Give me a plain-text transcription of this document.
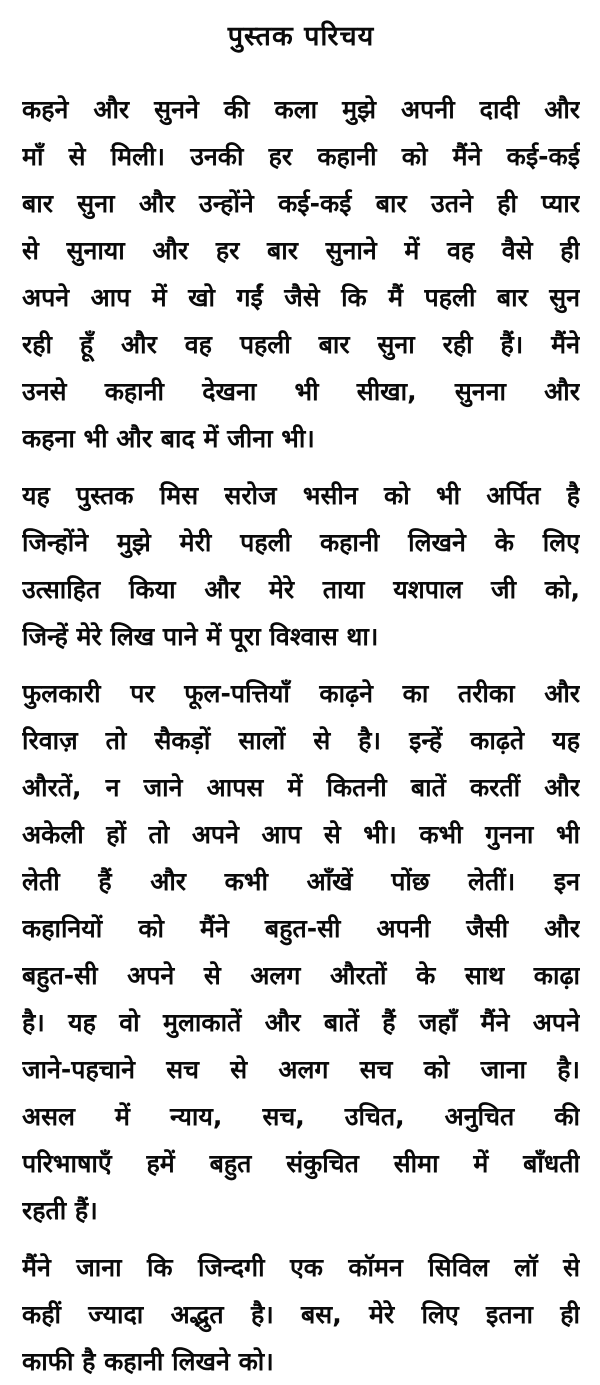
पुस्तक परिचय
कहने और सुनने की कला मुझे अपनी दादी और
माँ से मिली। उनकी हर कहानी को मैंने कई-कई
बार सुना और उन्होंने कई-कई बार उतने ही प्यार
से सुनाया और हर बार सुनाने में वह वैसे ही
अपने आप में खो गईं जैसे कि मैं पहली बार सुन
रही हूँ और वह पहली बार सुना रही हैं। मैंने
उनसे कहानी देखना भी सीखा, सुनना और
कहना भी और बाद में जीना भी।
यह पुस्तक मिस सरोज भसीन को भी अर्पित है
जिन्होंने मुझे मेरी पहली कहानी लिखने के लिए
उत्साहित किया और मेरे ताया यशपाल जी को,
जिन्हें मेरे लिख पाने में पूरा विश्वास था।
फुलकारी पर फूल-पत्तियाँ काढ़ने का तरीका और
रिवाज़ तो सैकड़ों सालों से है। इन्हें काढ़ते यह
औरतें, न जाने आपस में कितनी बातें करतीं और
अकेली हों तो अपने आप से भी। कभी गुनना भी
लेती हैं और कभी आँखें पोंछ लेतीं। इन
कहानियों को मैंने बहुत-सी अपनी जैसी और
बहुत-सी अपने से अलग औरतों के साथ काढ़ा
है। यह वो मुलाकातें और बातें हैं जहाँ मैंने अपने
जाने-पहचाने सच से अलग सच को जाना है।
असल में न्याय, सच, उचित, अनुचित की
परिभाषाएँ हमें बहुत संकुचित सीमा में बाँधती
रहती हैं।
मैंने जाना कि जिन्दगी एक कॉमन सिविल लॉ से
कहीं ज्यादा अद्भुत है। बस, मेरे लिए इतना ही
काफी है कहानी लिखने को।
